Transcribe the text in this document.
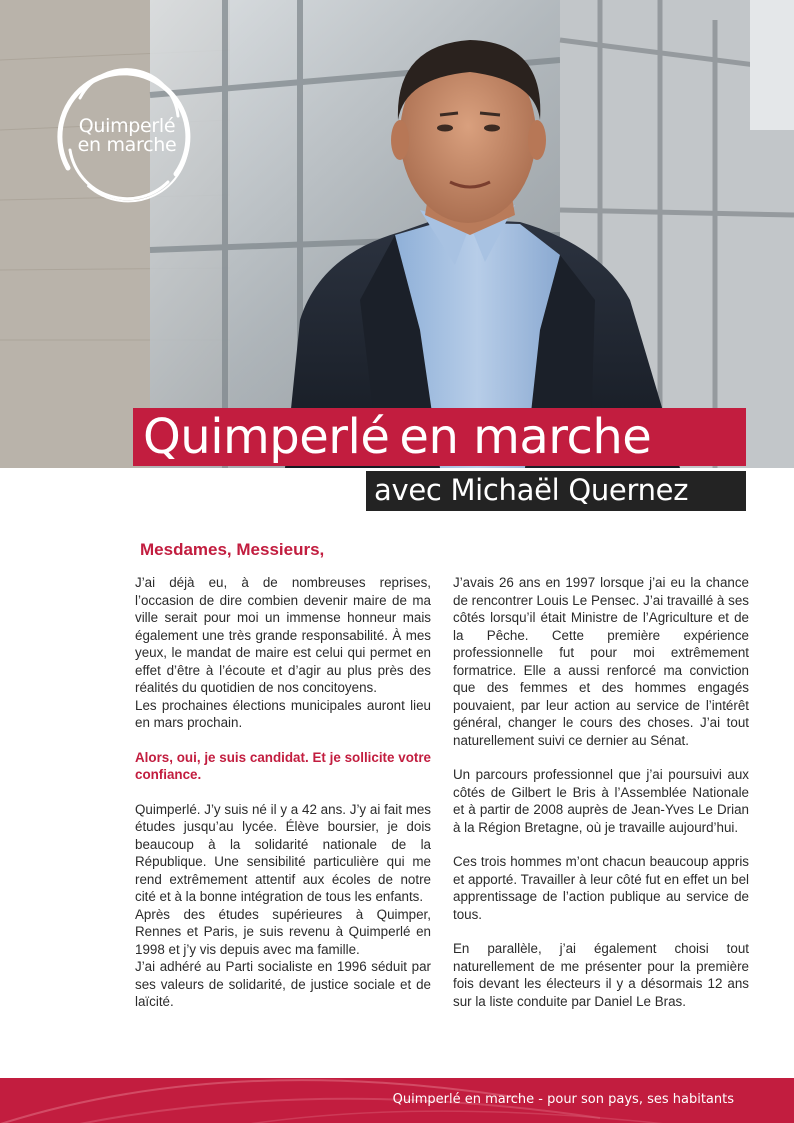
Quimperlé
en marche
Quimperlé en marche
avec Michaël Quernez
Mesdames, Messieurs,

J’ai déjà eu, à de nombreuses reprises, l’occasion de dire combien devenir maire de ma ville serait pour moi un immense honneur mais également une très grande responsabilité. À mes yeux, le mandat de maire est celui qui permet en effet d’être à l’écoute et d’agir au plus près des réalités du quotidien de nos concitoyens.

Les prochaines élections municipales auront lieu en mars prochain.

Alors, oui, je suis candidat. Et je sollicite votre confiance.

Quimperlé. J’y suis né il y a 42 ans. J’y ai fait mes études jusqu’au lycée. Élève boursier, je dois beaucoup à la solidarité nationale de la République. Une sensibilité particulière qui me rend extrêmement attentif aux écoles de notre cité et à la bonne intégration de tous les enfants.

Après des études supérieures à Quimper, Rennes et Paris, je suis revenu à Quimperlé en 1998 et j’y vis depuis avec ma famille.

J’ai adhéré au Parti socialiste en 1996 séduit par ses valeurs de solidarité, de justice sociale et de laïcité.

J’avais 26 ans en 1997 lorsque j’ai eu la chance de rencontrer Louis Le Pensec. J’ai travaillé à ses côtés lorsqu’il était Ministre de l’Agriculture et de la Pêche. Cette première expérience professionnelle fut pour moi extrêmement formatrice. Elle a aussi renforcé ma conviction que des femmes et des hommes engagés pouvaient, par leur action au service de l’intérêt général, changer le cours des choses. J’ai tout naturellement suivi ce dernier au Sénat.

Un parcours professionnel que j’ai poursuivi aux côtés de Gilbert le Bris à l’Assemblée Nationale et à partir de 2008 auprès de Jean-Yves Le Drian à la Région Bretagne, où je travaille aujourd’hui.

Ces trois hommes m’ont chacun beaucoup appris et apporté. Travailler à leur côté fut en effet un bel apprentissage de l’action publique au service de tous.

En parallèle, j’ai également choisi tout naturellement de me présenter pour la première fois devant les électeurs il y a désormais 12 ans sur la liste conduite par Daniel Le Bras.

Quimperlé en marche - pour son pays, ses habitants
